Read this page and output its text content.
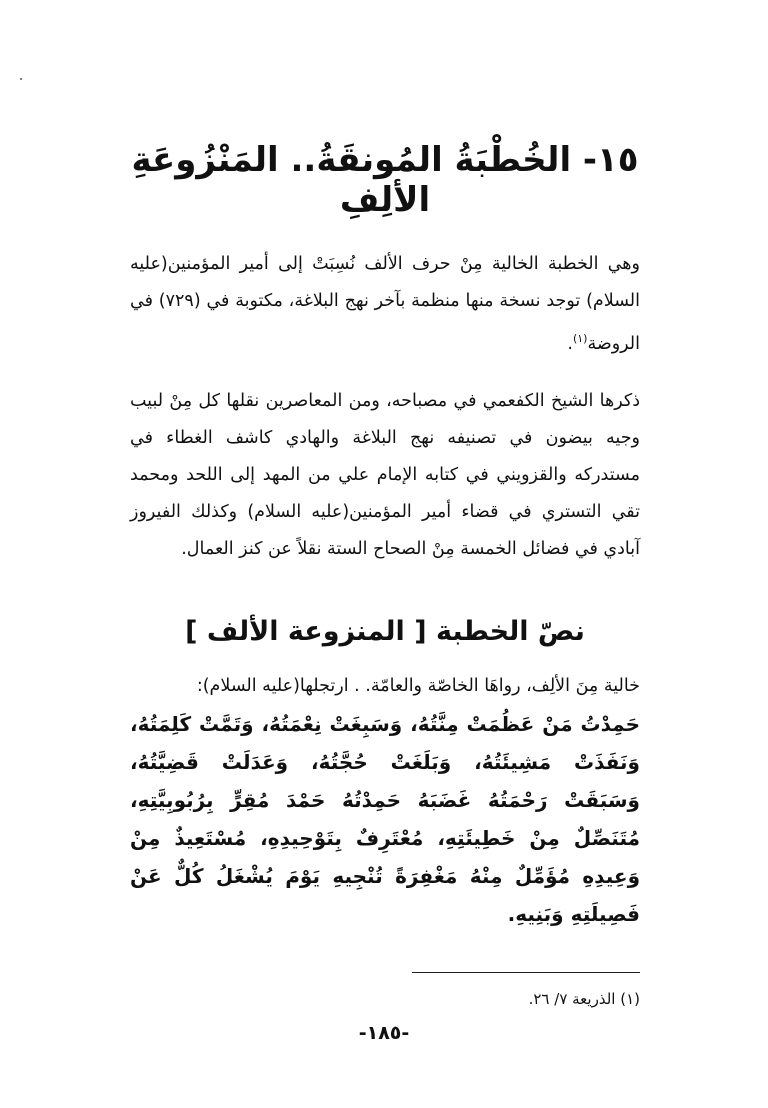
١٥- الخُطْبَةُ المُونقَةُ.. المَنْزُوعَةِ الألِفِ

وهي الخطبة الخالية مِنْ حرف الألف نُسِبَتْ إلى أمير المؤمنين(عليه السلام) توجد نسخة منها منظمة بآخر نهج البلاغة، مكتوبة في (٧٢٩) في الروضة$^{(١)}$.

ذكرها الشيخ الكفعمي في مصباحه، ومن المعاصرين نقلها كل مِنْ لبيب وجيه بيضون في تصنيفه نهج البلاغة والهادي كاشف الغطاء في مستدركه والقزويني في كتابه الإمام علي من المهد إلى اللحد ومحمد تقي التستري في قضاء أمير المؤمنين(عليه السلام) وكذلك الفيروز آبادي في فضائل الخمسة مِنْ الصحاح الستة نقلاً عن كنز العمال.

نصّ الخطبة [ المنزوعة الألف ]

خالية مِنَ الألِف، رواهَا الخاصّة والعامّة. . ارتجلها(عليه السلام):

حَمِدْتُ مَنْ عَظُمَتْ مِنَّتُهُ، وَسَبِغَتْ نِعْمَتُهُ، وَتَمَّتْ كَلِمَتُهُ، وَنَفَذَتْ مَشِيئَتُهُ، وَبَلَغَتْ حُجَّتُهُ، وَعَدَلَتْ قَضِيَّتُهُ، وَسَبَقَتْ رَحْمَتُهُ غَضَبَهُ حَمِدْتُهُ حَمْدَ مُقِرٍّ بِرُبُوبِيَّتِهِ، مُتَنَصِّلٌ مِنْ خَطِيئَتِهِ، مُعْتَرِفٌ بِتَوْحِيدِهِ، مُسْتَعِيذٌ مِنْ وَعِيدِهِ مُؤَمِّلٌ مِنْهُ مَغْفِرَةً تُنْجِيهِ يَوْمَ يُشْغَلُ كُلٌّ عَنْ فَصِيلَتِهِ وَبَنِيهِ.

(١) الذريعة ٧/ ٢٦.
-١٨٥-
